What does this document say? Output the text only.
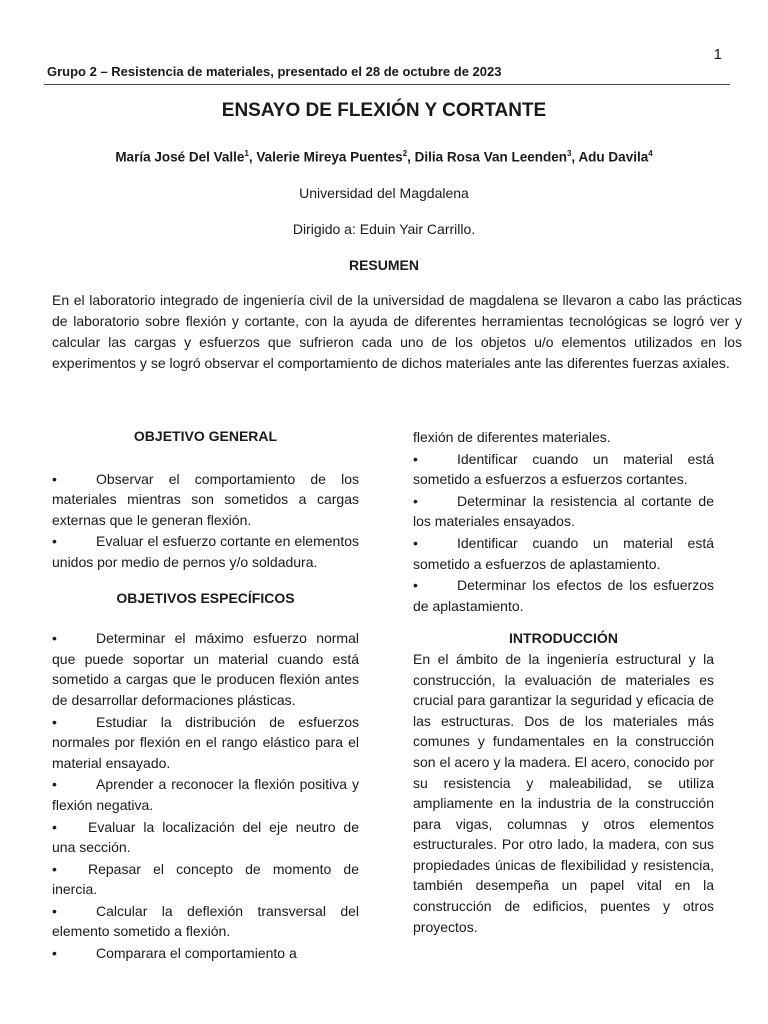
1
Grupo 2 – Resistencia de materiales, presentado el 28 de octubre de 2023
ENSAYO DE FLEXIÓN Y CORTANTE
María José Del Valle$^1$, Valerie Mireya Puentes$^2$, Dilia Rosa Van Leenden$^3$, Adu Davila$^4$
Universidad del Magdalena
Dirigido a: Eduin Yair Carrillo.
RESUMEN

En el laboratorio integrado de ingeniería civil de la universidad de magdalena se llevaron a cabo las prácticas de laboratorio sobre flexión y cortante, con la ayuda de diferentes herramientas tecnológicas se logró ver y calcular las cargas y esfuerzos que sufrieron cada uno de los objetos u/o elementos utilizados en los experimentos y se logró observar el comportamiento de dichos materiales ante las diferentes fuerzas axiales.

OBJETIVO GENERAL
•	Observar el comportamiento de los materiales mientras son sometidos a cargas externas que le generan flexión.
•	Evaluar el esfuerzo cortante en elementos unidos por medio de pernos y/o soldadura.
OBJETIVOS ESPECÍFICOS
•	Determinar el máximo esfuerzo normal que puede soportar un material cuando está sometido a cargas que le producen flexión antes de desarrollar deformaciones plásticas.
•	Estudiar la distribución de esfuerzos normales por flexión en el rango elástico para el material ensayado.
•	Aprender a reconocer la flexión positiva y flexión negativa.
• Evaluar la localización del eje neutro de una sección.
• Repasar el concepto de momento de inercia.
•	Calcular la deflexión transversal del elemento sometido a flexión.
•	Comparara el comportamiento a
flexión de diferentes materiales.
•	Identificar cuando un material está sometido a esfuerzos a esfuerzos cortantes.
•	Determinar la resistencia al cortante de los materiales ensayados.
•	Identificar cuando un material está sometido a esfuerzos de aplastamiento.
•	Determinar los efectos de los esfuerzos de aplastamiento.
INTRODUCCIÓN

En el ámbito de la ingeniería estructural y la construcción, la evaluación de materiales es crucial para garantizar la seguridad y eficacia de las estructuras. Dos de los materiales más comunes y fundamentales en la construcción son el acero y la madera. El acero, conocido por su resistencia y maleabilidad, se utiliza ampliamente en la industria de la construcción para vigas, columnas y otros elementos estructurales. Por otro lado, la madera, con sus propiedades únicas de flexibilidad y resistencia, también desempeña un papel vital en la construcción de edificios, puentes y otros proyectos.
